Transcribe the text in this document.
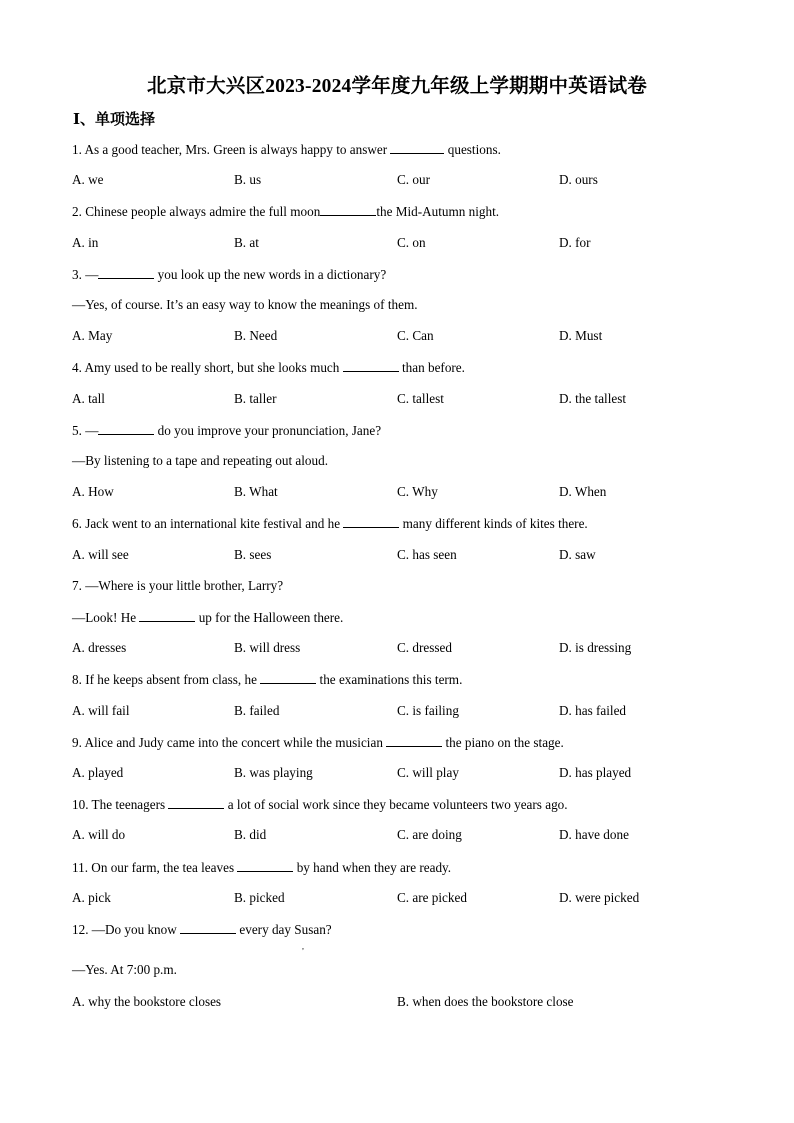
北京市大兴区2023-2024学年度九年级上学期期中英语试卷
Ⅰ、单项选择
1. As a good teacher, Mrs. Green is always happy to answer	questions.
A. we	B. us	C. our	D. ours
2. Chinese people always admire the full moon	the Mid-Autumn night.
A. in	B. at	C. on	D. for
3. —	you look up the new words in a dictionary?
—Yes, of course. It’s an easy way to know the meanings of them.
A. May	B. Need	C. Can	D. Must
4. Amy used to be really short, but she looks much	than before.
A. tall	B. taller	C. tallest	D. the tallest
5. —	do you improve your pronunciation, Jane?
—By listening to a tape and repeating out aloud.
A. How	B. What	C. Why	D. When
6. Jack went to an international kite festival and he	many different kinds of kites there.
A. will see	B. sees	C. has seen	D. saw
7. —Where is your little brother, Larry?
—Look! He	up for the Halloween there.
A. dresses	B. will dress	C. dressed	D. is dressing
8. If he keeps absent from class, he	the examinations this term.
A. will fail	B. failed	C. is failing	D. has failed
9. Alice and Judy came into the concert while the musician	the piano on the stage.
A. played	B. was playing	C. will play	D. has played
10. The teenagers	a lot of social work since they became volunteers two years ago.
A. will do	B. did	C. are doing	D. have done
11. On our farm, the tea leaves	by hand when they are ready.
A. pick	B. picked	C. are picked	D. were picked
12. —Do you know	every day Susan?
—Yes. At 7:00 p.m.
A. why the bookstore closes	B. when does the bookstore close
,
